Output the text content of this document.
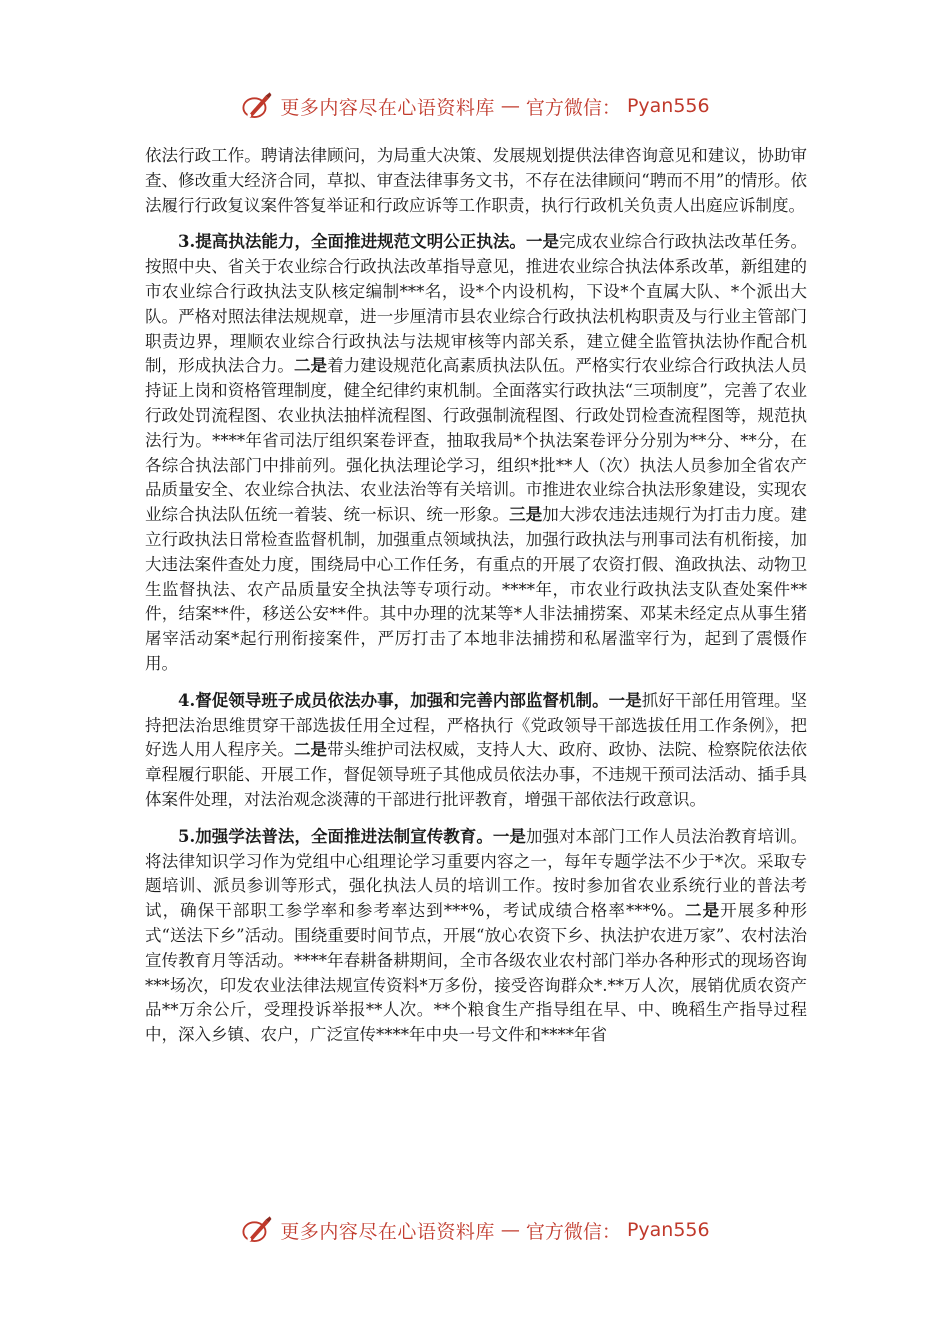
更多内容尽在心语资料库 — 官方微信： Pyan556

依法行政工作。聘请法律顾问，为局重大决策、发展规划提供法律咨询意见和建议，协助审查、修改重大经济合同，草拟、审查法律事务文书，不存在法律顾问“聘而不用”的情形。依法履行行政复议案件答复举证和行政应诉等工作职责，执行行政机关负责人出庭应诉制度。

3.提高执法能力，全面推进规范文明公正执法。一是完成农业综合行政执法改革任务。按照中央、省关于农业综合行政执法改革指导意见，推进农业综合执法体系改革，新组建的市农业综合行政执法支队核定编制***名，设*个内设机构，下设*个直属大队、*个派出大队。严格对照法律法规规章，进一步厘清市县农业综合行政执法机构职责及与行业主管部门职责边界，理顺农业综合行政执法与法规审核等内部关系，建立健全监管执法协作配合机制，形成执法合力。二是着力建设规范化高素质执法队伍。严格实行农业综合行政执法人员持证上岗和资格管理制度，健全纪律约束机制。全面落实行政执法“三项制度”，完善了农业行政处罚流程图、农业执法抽样流程图、行政强制流程图、行政处罚检查流程图等，规范执法行为。****年省司法厅组织案卷评查，抽取我局*个执法案卷评分分别为**分、**分，在各综合执法部门中排前列。强化执法理论学习，组织*批**人（次）执法人员参加全省农产品质量安全、农业综合执法、农业法治等有关培训。市推进农业综合执法形象建设，实现农业综合执法队伍统一着装、统一标识、统一形象。三是加大涉农违法违规行为打击力度。建立行政执法日常检查监督机制，加强重点领域执法，加强行政执法与刑事司法有机衔接，加大违法案件查处力度，围绕局中心工作任务，有重点的开展了农资打假、渔政执法、动物卫生监督执法、农产品质量安全执法等专项行动。****年，市农业行政执法支队查处案件**件，结案**件，移送公安**件。其中办理的沈某等*人非法捕捞案、邓某未经定点从事生猪屠宰活动案*起行刑衔接案件，严厉打击了本地非法捕捞和私屠滥宰行为，起到了震慑作用。

4.督促领导班子成员依法办事，加强和完善内部监督机制。一是抓好干部任用管理。坚持把法治思维贯穿干部选拔任用全过程，严格执行《党政领导干部选拔任用工作条例》，把好选人用人程序关。二是带头维护司法权威，支持人大、政府、政协、法院、检察院依法依章程履行职能、开展工作，督促领导班子其他成员依法办事，不违规干预司法活动、插手具体案件处理，对法治观念淡薄的干部进行批评教育，增强干部依法行政意识。

5.加强学法普法，全面推进法制宣传教育。一是加强对本部门工作人员法治教育培训。将法律知识学习作为党组中心组理论学习重要内容之一，每年专题学法不少于*次。采取专题培训、派员参训等形式，强化执法人员的培训工作。按时参加省农业系统行业的普法考试，确保干部职工参学率和参考率达到***%，考试成绩合格率***%。二是开展多种形式“送法下乡”活动。围绕重要时间节点，开展“放心农资下乡、执法护农进万家”、农村法治宣传教育月等活动。****年春耕备耕期间，全市各级农业农村部门举办各种形式的现场咨询***场次，印发农业法律法规宣传资料*万多份，接受咨询群众*.**万人次，展销优质农资产品**万余公斤，受理投诉举报**人次。**个粮食生产指导组在早、中、晚稻生产指导过程中，深入乡镇、农户，广泛宣传****年中央一号文件和****年省

更多内容尽在心语资料库 — 官方微信： Pyan556
